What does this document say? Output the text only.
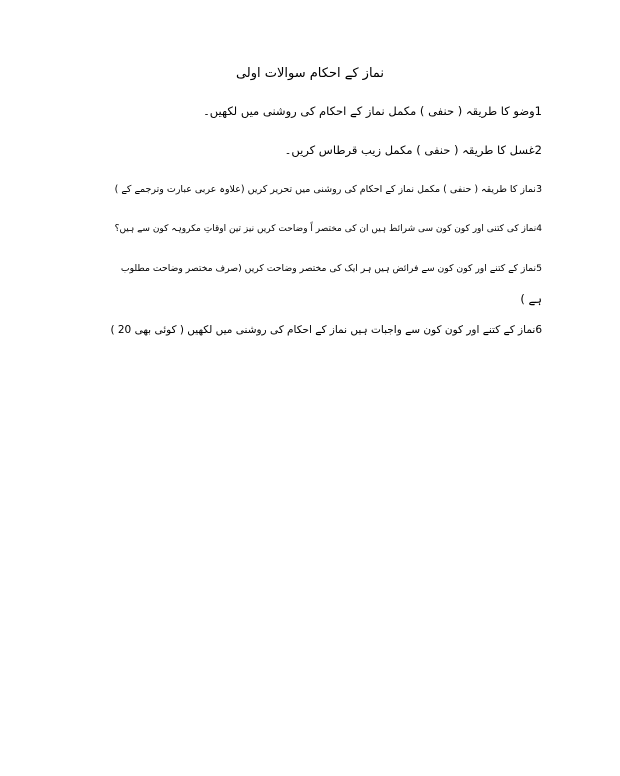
نماز کے احکام سوالات اولی
1وضو کا طریقہ ( حنفی ) مکمل نماز کے احکام کی روشنی میں لکھیں۔
2غسل کا طریقہ ( حنفی ) مکمل زیب قرطاس کریں۔
3نماز کا طریقہ ( حنفی ) مکمل نماز کے احکام کی روشنی میں تحریر کریں (علاوہ عربی عبارت وترجمے کے )
4نماز کی کتنی اور کون کون سی شرائط ہیں ان کی مختصر اً وضاحت کریں نیز تین اوقاتِ مکروہہ کون سے ہیں؟
5نماز کے کتنے اور کون کون سے فرائض ہیں ہر ایک کی مختصر وضاحت کریں (صرف مختصر وضاحت مطلوب
ہے )
6نماز کے کتنے اور کون کون سے واجبات ہیں نماز کے احکام کی روشنی میں لکھیں ( کوئی بھی 20 )
